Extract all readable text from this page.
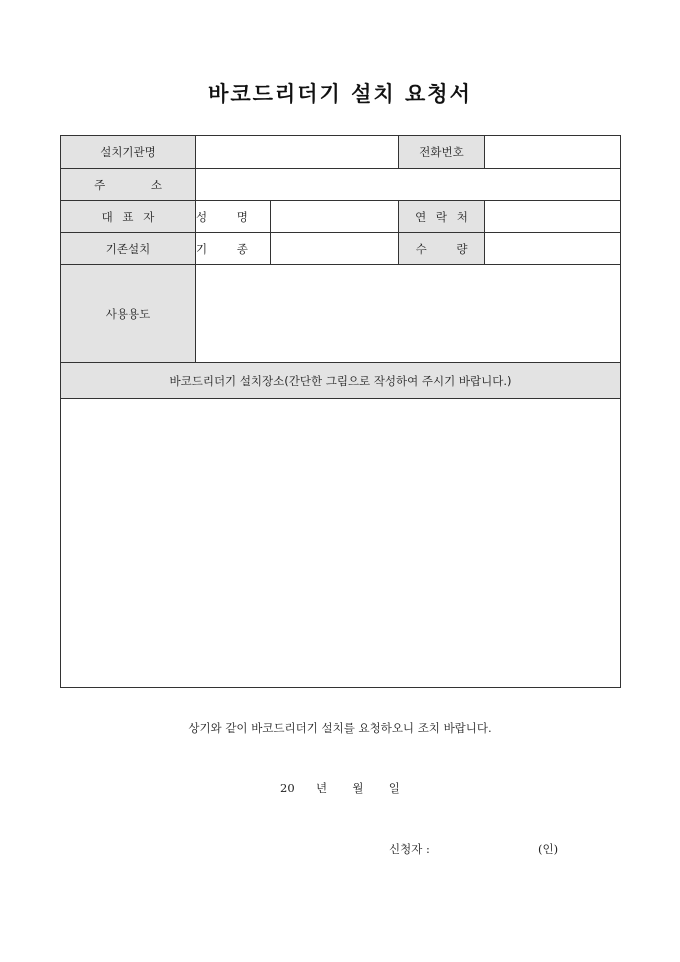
바코드리더기 설치 요청서
설치기관명			전화번호	
주 소				
대 표 자	성 명		연 락 처	
기존설치	기 종		수 량	
사용용도				
바코드리더기 설치장소(간단한 그림으로 작성하여 주시기 바랍니다.)				

상기와 같이 바코드리더기 설치를 요청하오니 조치 바랍니다.
20 년 월 일
신청자 :	(인)
